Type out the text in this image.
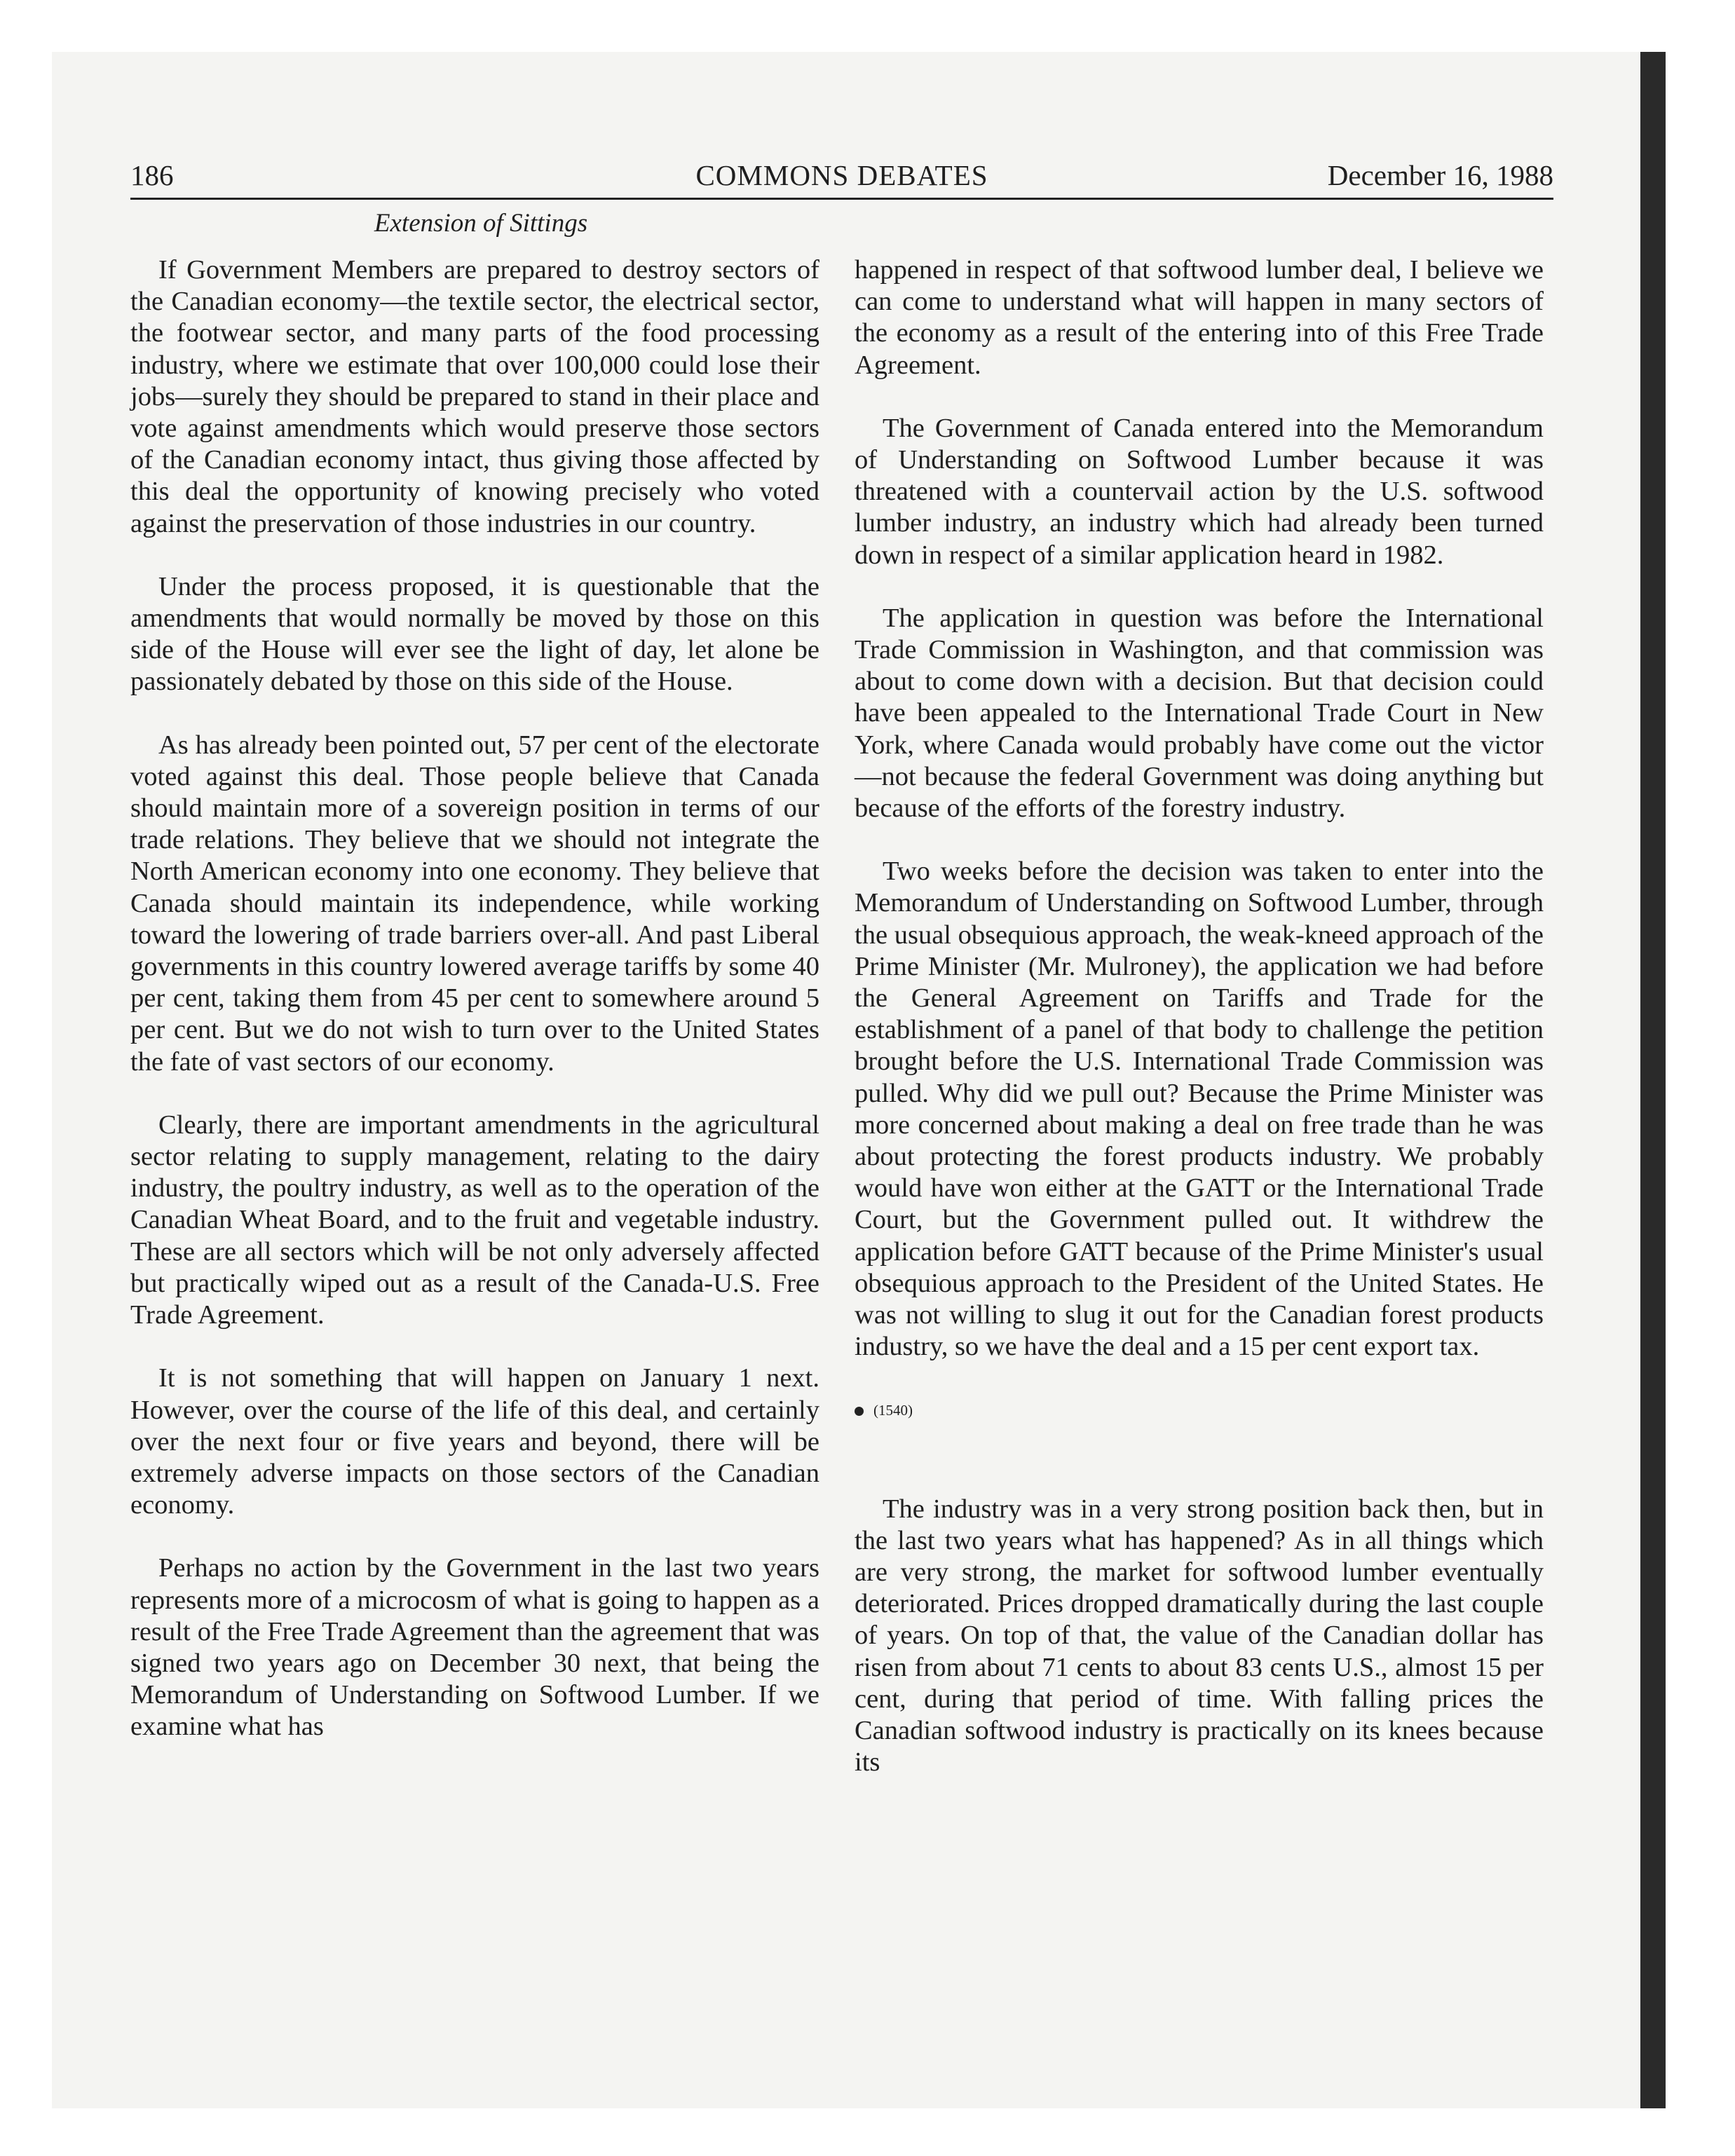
186	COMMONS DEBATES	December 16, 1988
Extension of Sittings

If Government Members are prepared to destroy sectors of the Canadian economy—the textile sector, the electrical sector, the footwear sector, and many parts of the food processing industry, where we estimate that over 100,000 could lose their jobs—surely they should be prepared to stand in their place and vote against amendments which would preserve those sectors of the Canadian economy intact, thus giving those affected by this deal the opportunity of knowing precisely who voted against the preservation of those industries in our country.

Under the process proposed, it is questionable that the amendments that would normally be moved by those on this side of the House will ever see the light of day, let alone be passionately debated by those on this side of the House.

As has already been pointed out, 57 per cent of the electorate voted against this deal. Those people believe that Canada should maintain more of a sovereign position in terms of our trade relations. They believe that we should not integrate the North American economy into one economy. They believe that Canada should maintain its independence, while working toward the lowering of trade barriers over-all. And past Liberal governments in this country lowered average tariffs by some 40 per cent, taking them from 45 per cent to somewhere around 5 per cent. But we do not wish to turn over to the United States the fate of vast sectors of our economy.

Clearly, there are important amendments in the agricultural sector relating to supply management, relating to the dairy industry, the poultry industry, as well as to the operation of the Canadian Wheat Board, and to the fruit and vegetable industry. These are all sectors which will be not only adversely affected but practically wiped out as a result of the Canada-U.S. Free Trade Agreement.

It is not something that will happen on January 1 next. However, over the course of the life of this deal, and certainly over the next four or five years and beyond, there will be extremely adverse impacts on those sectors of the Canadian economy.

Perhaps no action by the Government in the last two years represents more of a microcosm of what is going to happen as a result of the Free Trade Agreement than the agreement that was signed two years ago on December 30 next, that being the Memorandum of Understanding on Softwood Lumber. If we examine what has

happened in respect of that softwood lumber deal, I believe we can come to understand what will happen in many sectors of the economy as a result of the entering into of this Free Trade Agreement.

The Government of Canada entered into the Memorandum of Understanding on Softwood Lumber because it was threatened with a countervail action by the U.S. softwood lumber industry, an industry which had already been turned down in respect of a similar application heard in 1982.

The application in question was before the International Trade Commission in Washington, and that commission was about to come down with a decision. But that decision could have been appealed to the International Trade Court in New York, where Canada would probably have come out the victor—not because the federal Government was doing anything but because of the efforts of the forestry industry.

Two weeks before the decision was taken to enter into the Memorandum of Understanding on Softwood Lumber, through the usual obsequious approach, the weak-kneed approach of the Prime Minister (Mr. Mulroney), the application we had before the General Agreement on Tariffs and Trade for the establishment of a panel of that body to challenge the petition brought before the U.S. International Trade Commission was pulled. Why did we pull out? Because the Prime Minister was more concerned about making a deal on free trade than he was about protecting the forest products industry. We probably would have won either at the GATT or the International Trade Court, but the Government pulled out. It withdrew the application before GATT because of the Prime Minister's usual obsequious approach to the President of the United States. He was not willing to slug it out for the Canadian forest products industry, so we have the deal and a 15 per cent export tax.

(1540)

The industry was in a very strong position back then, but in the last two years what has happened? As in all things which are very strong, the market for softwood lumber eventually deteriorated. Prices dropped dramatically during the last couple of years. On top of that, the value of the Canadian dollar has risen from about 71 cents to about 83 cents U.S., almost 15 per cent, during that period of time. With falling prices the Canadian softwood industry is practically on its knees because its
